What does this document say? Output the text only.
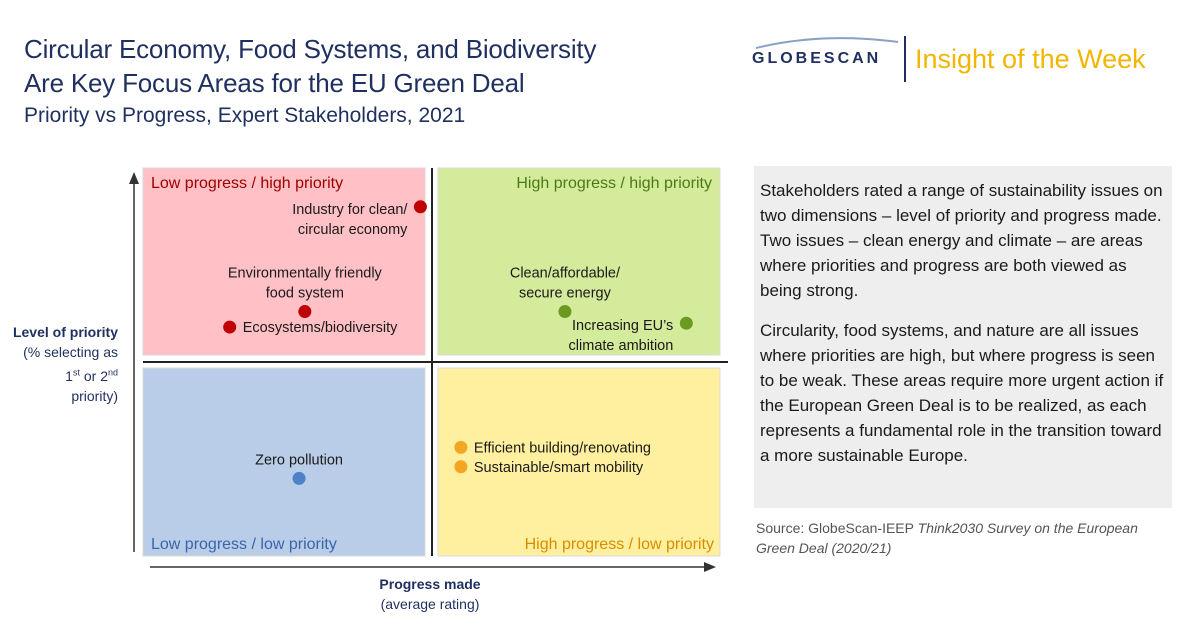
Circular Economy, Food Systems, and Biodiversity
Are Key Focus Areas for the EU Green Deal
Priority vs Progress, Expert Stakeholders, 2021
GLOBESCAN Insight of the Week
Low progress / high priority	High progress / high priority
Low progress / low priority	High progress / low priority
Industry for clean/
circular economy
Environmentally friendly
food system
Ecosystems/biodiversity
Clean/affordable/
secure energy
Increasing EU’s
climate ambition
Zero pollution
Efficient building/renovating
Sustainable/smart mobility
Level of priority
(% selecting as
1st or 2nd
priority)
Progress made
(average rating)

Stakeholders rated a range of sustainability issues on two dimensions – level of priority and progress made. Two issues – clean energy and climate – are areas where priorities and progress are both viewed as being strong.

Circularity, food systems, and nature are all issues where priorities are high, but where progress is seen to be weak. These areas require more urgent action if the European Green Deal is to be realized, as each represents a fundamental role in the transition toward a more sustainable Europe.

Source: GlobeScan-IEEP Think2030 Survey on the European Green Deal (2020/21)
